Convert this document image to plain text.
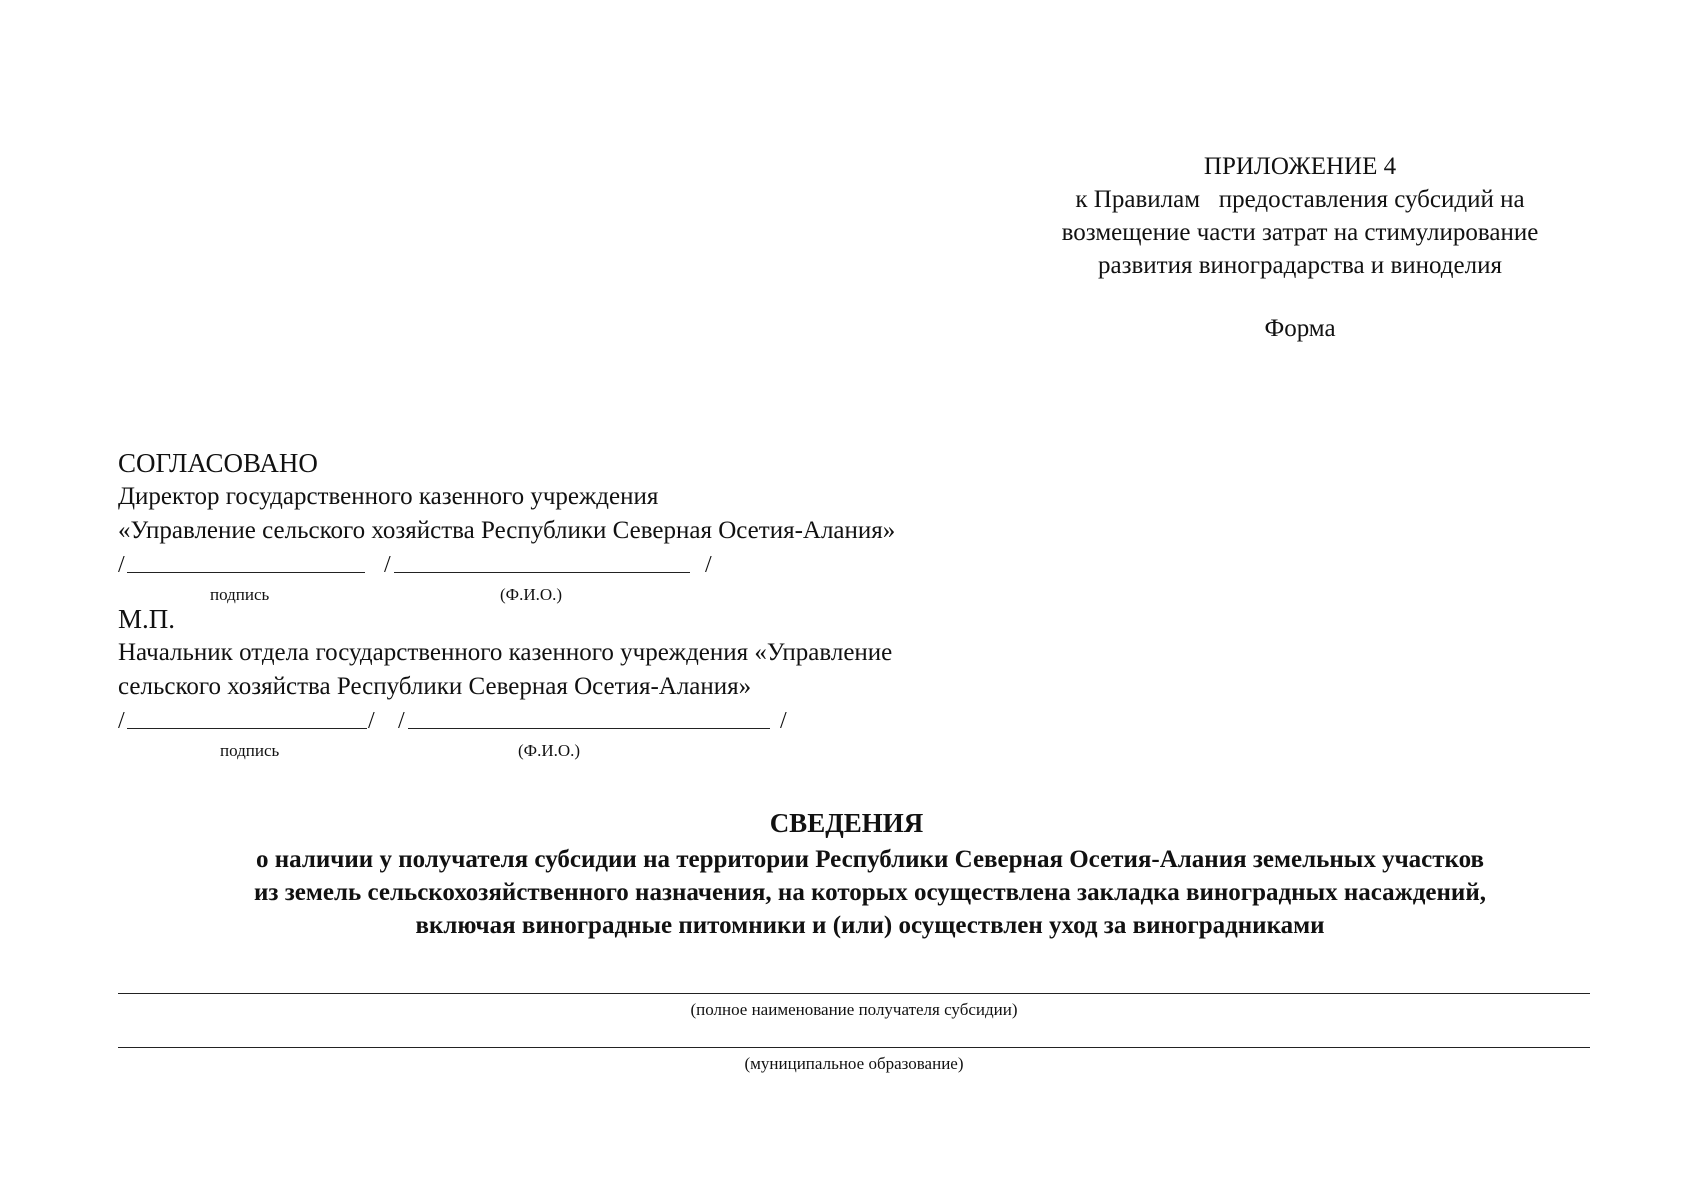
ПРИЛОЖЕНИЕ 4
к Правилам   предоставления субсидий на
возмещение части затрат на стимулирование
развития виноградарства и виноделия
Форма
СОГЛАСОВАНО
Директор государственного казенного учреждения
«Управление сельского хозяйства Республики Северная Осетия-Алания»
/	/	/
подпись	(Ф.И.О.)
М.П.
Начальник отдела государственного казенного учреждения «Управление
сельского хозяйства Республики Северная Осетия-Алания»
/	/ /	/
подпись	(Ф.И.О.)
СВЕДЕНИЯ
о наличии у получателя субсидии на территории Республики Северная Осетия-Алания земельных участков
из земель сельскохозяйственного назначения, на которых осуществлена закладка виноградных насаждений,
включая виноградные питомники и (или) осуществлен уход за виноградниками
(полное наименование получателя субсидии)
(муниципальное образование)
